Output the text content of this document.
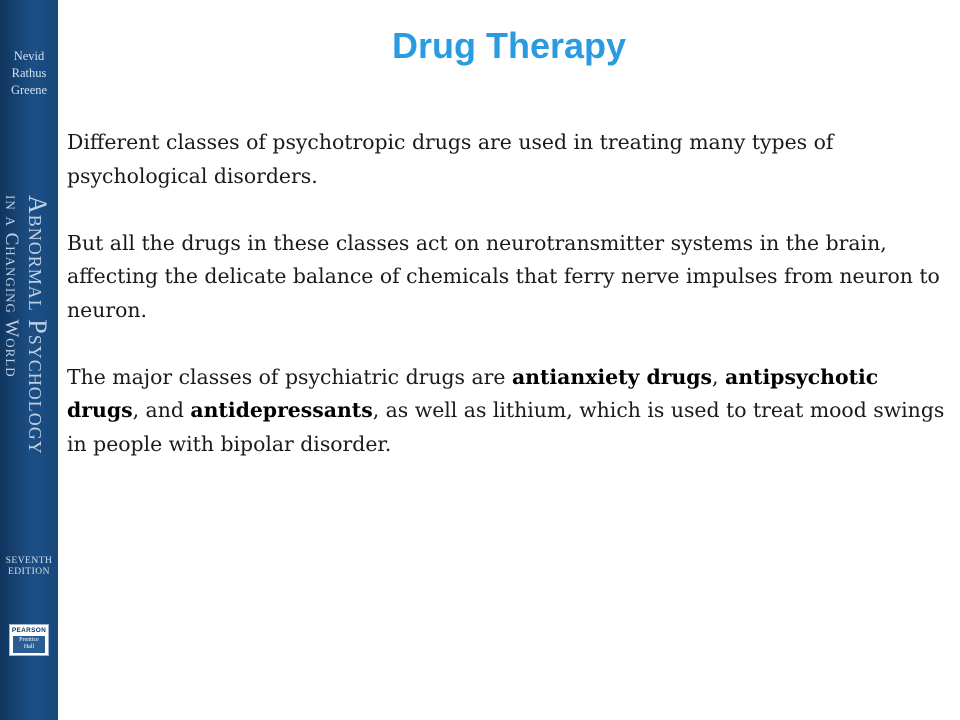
Nevid
Rathus
Greene
Abnormal Psychology
in a Changing World
SEVENTH
EDITION
PEARSON
Prentice
Hall
Drug Therapy

Different classes of psychotropic drugs are used in treating many types of psychological disorders.

But all the drugs in these classes act on neurotransmitter systems in the brain, affecting the delicate balance of chemicals that ferry nerve impulses from neuron to neuron.

The major classes of psychiatric drugs are antianxiety drugs, antipsychotic drugs, and antidepressants, as well as lithium, which is used to treat mood swings in people with bipolar disorder.
